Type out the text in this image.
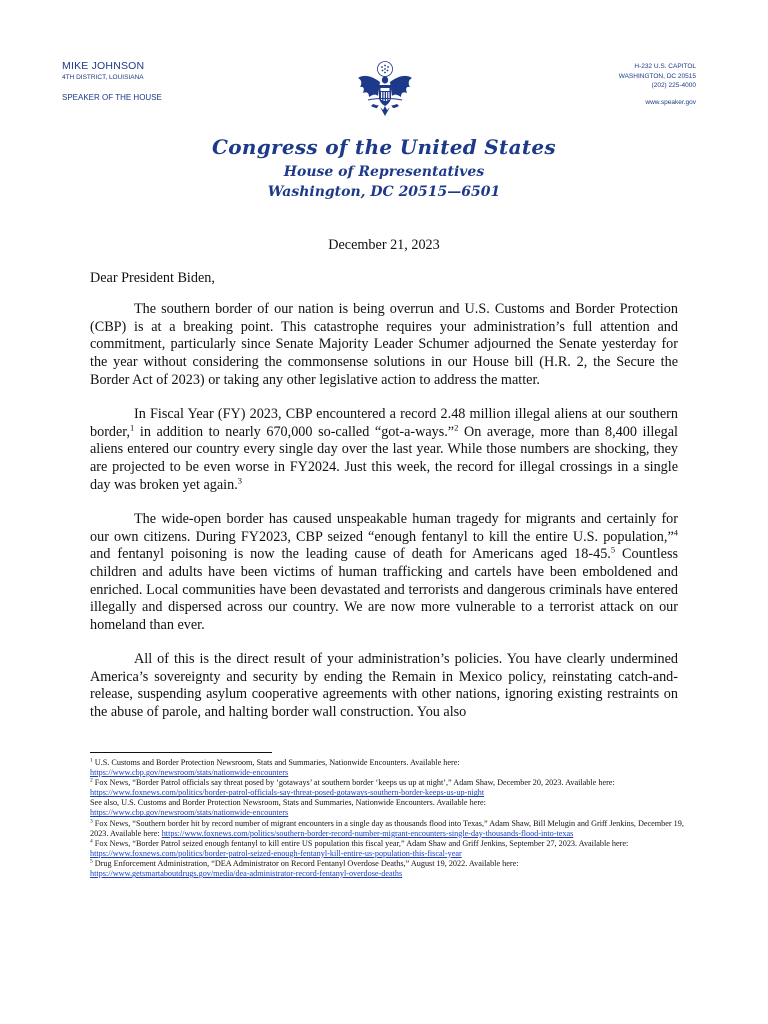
MIKE JOHNSON
4TH DISTRICT, LOUISIANA
SPEAKER OF THE HOUSE
H-232 U.S. CAPITOL
WASHINGTON, DC 20515
(202) 225-4000
www.speaker.gov
Congress of the United States
House of Representatives
Washington, DC 20515—6501

December 21, 2023

Dear President Biden,

The southern border of our nation is being overrun and U.S. Customs and Border Protection (CBP) is at a breaking point. This catastrophe requires your administration’s full attention and commitment, particularly since Senate Majority Leader Schumer adjourned the Senate yesterday for the year without considering the commonsense solutions in our House bill (H.R. 2, the Secure the Border Act of 2023) or taking any other legislative action to address the matter.

In Fiscal Year (FY) 2023, CBP encountered a record 2.48 million illegal aliens at our southern border,$^1$ in addition to nearly 670,000 so-called “got-a-ways.”$^2$ On average, more than 8,400 illegal aliens entered our country every single day over the last year. While those numbers are shocking, they are projected to be even worse in FY2024. Just this week, the record for illegal crossings in a single day was broken yet again.$^3$

The wide-open border has caused unspeakable human tragedy for migrants and certainly for our own citizens. During FY2023, CBP seized “enough fentanyl to kill the entire U.S. population,”$^4$ and fentanyl poisoning is now the leading cause of death for Americans aged 18-45.$^5$ Countless children and adults have been victims of human trafficking and cartels have been emboldened and enriched. Local communities have been devastated and terrorists and dangerous criminals have entered illegally and dispersed across our country. We are now more vulnerable to a terrorist attack on our homeland than ever.

All of this is the direct result of your administration’s policies. You have clearly undermined America’s sovereignty and security by ending the Remain in Mexico policy, reinstating catch-and-release, suspending asylum cooperative agreements with other nations, ignoring existing restraints on the abuse of parole, and halting border wall construction. You also

$^1$ U.S. Customs and Border Protection Newsroom, Stats and Summaries, Nationwide Encounters. Available here:
https://www.cbp.gov/newsroom/stats/nationwide-encounters

$^2$ Fox News, “Border Patrol officials say threat posed by ‘gotaways’ at southern border ‘keeps us up at night’,” Adam Shaw, December 20, 2023. Available here: https://www.foxnews.com/politics/border-patrol-officials-say-threat-posed-gotaways-southern-border-keeps-us-up-night
See also, U.S. Customs and Border Protection Newsroom, Stats and Summaries, Nationwide Encounters. Available here:
https://www.cbp.gov/newsroom/stats/nationwide-encounters

$^3$ Fox News, “Southern border hit by record number of migrant encounters in a single day as thousands flood into Texas,” Adam Shaw, Bill Melugin and Griff Jenkins, December 19, 2023. Available here: https://www.foxnews.com/politics/southern-border-record-number-migrant-encounters-single-day-thousands-flood-into-texas

$^4$ Fox News, “Border Patrol seized enough fentanyl to kill entire US population this fiscal year,” Adam Shaw and Griff Jenkins, September 27, 2023. Available here: https://www.foxnews.com/politics/border-patrol-seized-enough-fentanyl-kill-entire-us-population-this-fiscal-year

$^5$ Drug Enforcement Administration, “DEA Administrator on Record Fentanyl Overdose Deaths,” August 19, 2022. Available here:
https://www.getsmartaboutdrugs.gov/media/dea-administrator-record-fentanyl-overdose-deaths
